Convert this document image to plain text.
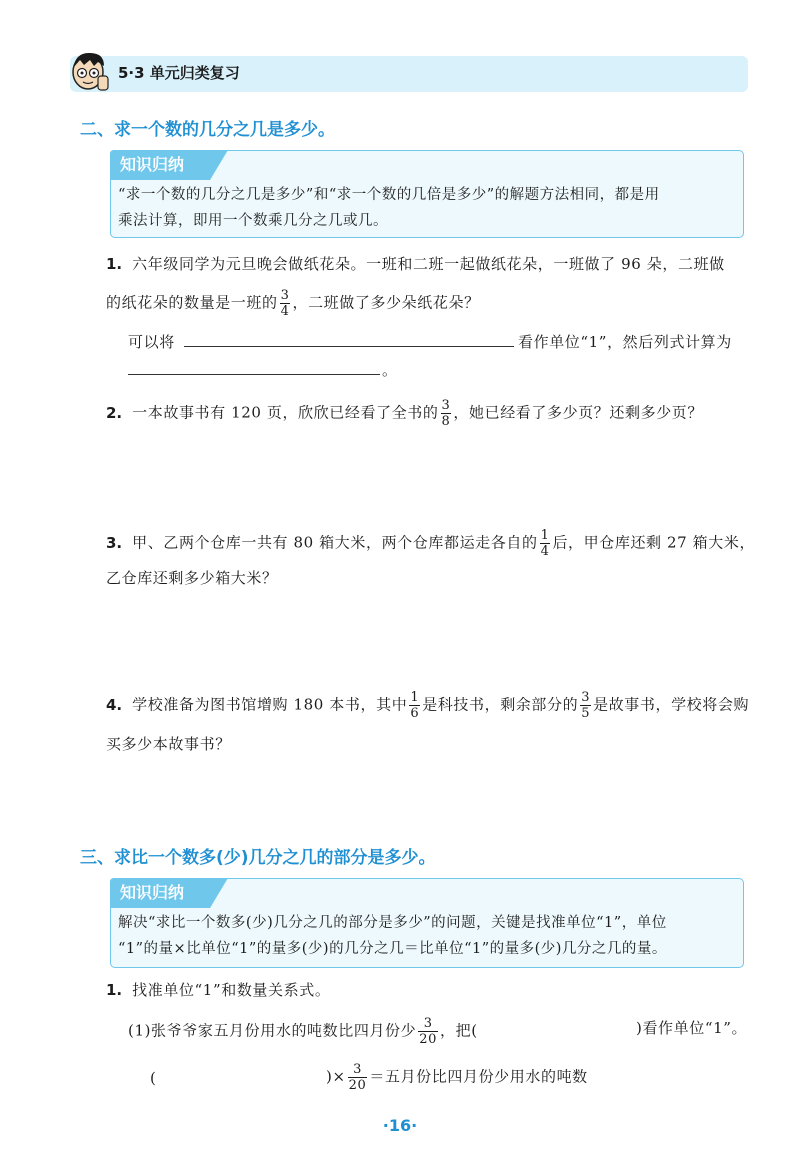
5·3 单元归类复习
二、求一个数的几分之几是多少。
知识归纳
“求一个数的几分之几是多少”和“求一个数的几倍是多少”的解题方法相同，都是用
乘法计算，即用一个数乘几分之几或几。
1. 六年级同学为元旦晚会做纸花朵。一班和二班一起做纸花朵，一班做了 96 朵，二班做
的纸花朵的数量是一班的 $\frac{3}{4}$ ，二班做了多少朵纸花朵？
可以将	看作单位“1”，然后列式计算为
。
2. 一本故事书有 120 页，欣欣已经看了全书的 $\frac{3}{8}$ ，她已经看了多少页？还剩多少页？
3. 甲、乙两个仓库一共有 80 箱大米，两个仓库都运走各自的 $\frac{1}{4}$ 后，甲仓库还剩 27 箱大米，
乙仓库还剩多少箱大米？
4. 学校准备为图书馆增购 180 本书，其中 $\frac{1}{6}$ 是科技书，剩余部分的 $\frac{3}{5}$ 是故事书，学校将会购
买多少本故事书？
三、求比一个数多(少)几分之几的部分是多少。
知识归纳
解决“求比一个数多(少)几分之几的部分是多少”的问题，关键是找准单位“1”，单位
“1”的量×比单位“1”的量多(少)的几分之几＝比单位“1”的量多(少)几分之几的量。
1. 找准单位“1”和数量关系式。
(1)张爷爷家五月份用水的吨数比四月份少 $\frac{3}{20}$ ，把(	)看作单位“1”。
(	)× $\frac{3}{20}$ ＝五月份比四月份少用水的吨数
·16·
